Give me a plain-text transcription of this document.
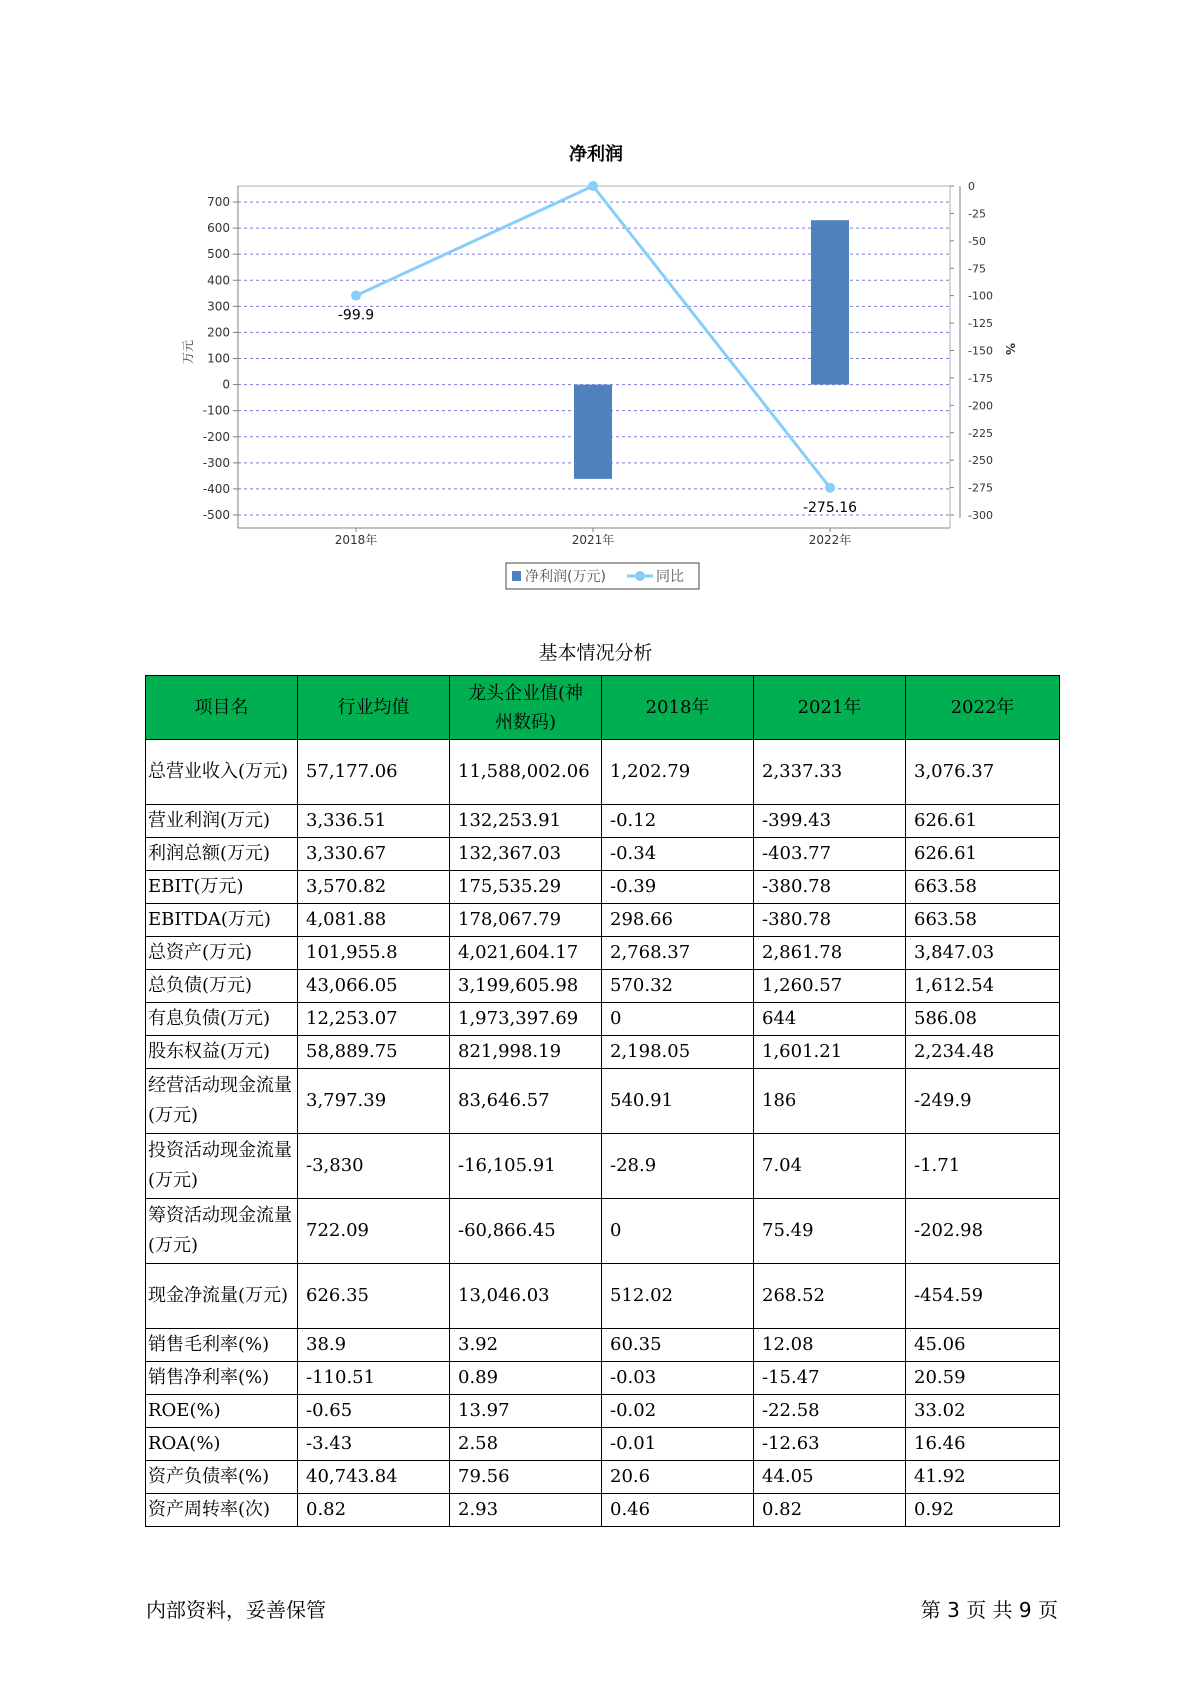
净利润
700
600
500
400
300
200
100
0
-100
-200
-300
-400
-500
0
-25
-50
-75
-100
-125
-150
-175
-200
-225
-250
-275
-300
万元	%
2018年	2021年	2022年
-99.9
-275.16
净利润(万元)	同比
基本情况分析
项目名	行业均值	龙头企业值(神州数码)	2018年	2021年	2022年
总营业收入(万元)	57,177.06	11,588,002.06	1,202.79	2,337.33	3,076.37
营业利润(万元)	3,336.51	132,253.91	-0.12	-399.43	626.61
利润总额(万元)	3,330.67	132,367.03	-0.34	-403.77	626.61
EBIT(万元)	3,570.82	175,535.29	-0.39	-380.78	663.58
EBITDA(万元)	4,081.88	178,067.79	298.66	-380.78	663.58
总资产(万元)	101,955.8	4,021,604.17	2,768.37	2,861.78	3,847.03
总负债(万元)	43,066.05	3,199,605.98	570.32	1,260.57	1,612.54
有息负债(万元)	12,253.07	1,973,397.69	0	644	586.08
股东权益(万元)	58,889.75	821,998.19	2,198.05	1,601.21	2,234.48
经营活动现金流量(万元)	3,797.39	83,646.57	540.91	186	-249.9
投资活动现金流量(万元)	-3,830	-16,105.91	-28.9	7.04	-1.71
筹资活动现金流量(万元)	722.09	-60,866.45	0	75.49	-202.98
现金净流量(万元)	626.35	13,046.03	512.02	268.52	-454.59
销售毛利率(%)	38.9	3.92	60.35	12.08	45.06
销售净利率(%)	-110.51	0.89	-0.03	-15.47	20.59
ROE(%)	-0.65	13.97	-0.02	-22.58	33.02
ROA(%)	-3.43	2.58	-0.01	-12.63	16.46
资产负债率(%)	40,743.84	79.56	20.6	44.05	41.92
资产周转率(次)	0.82	2.93	0.46	0.82	0.92
内部资料，妥善保管	第 3 页 共 9 页
